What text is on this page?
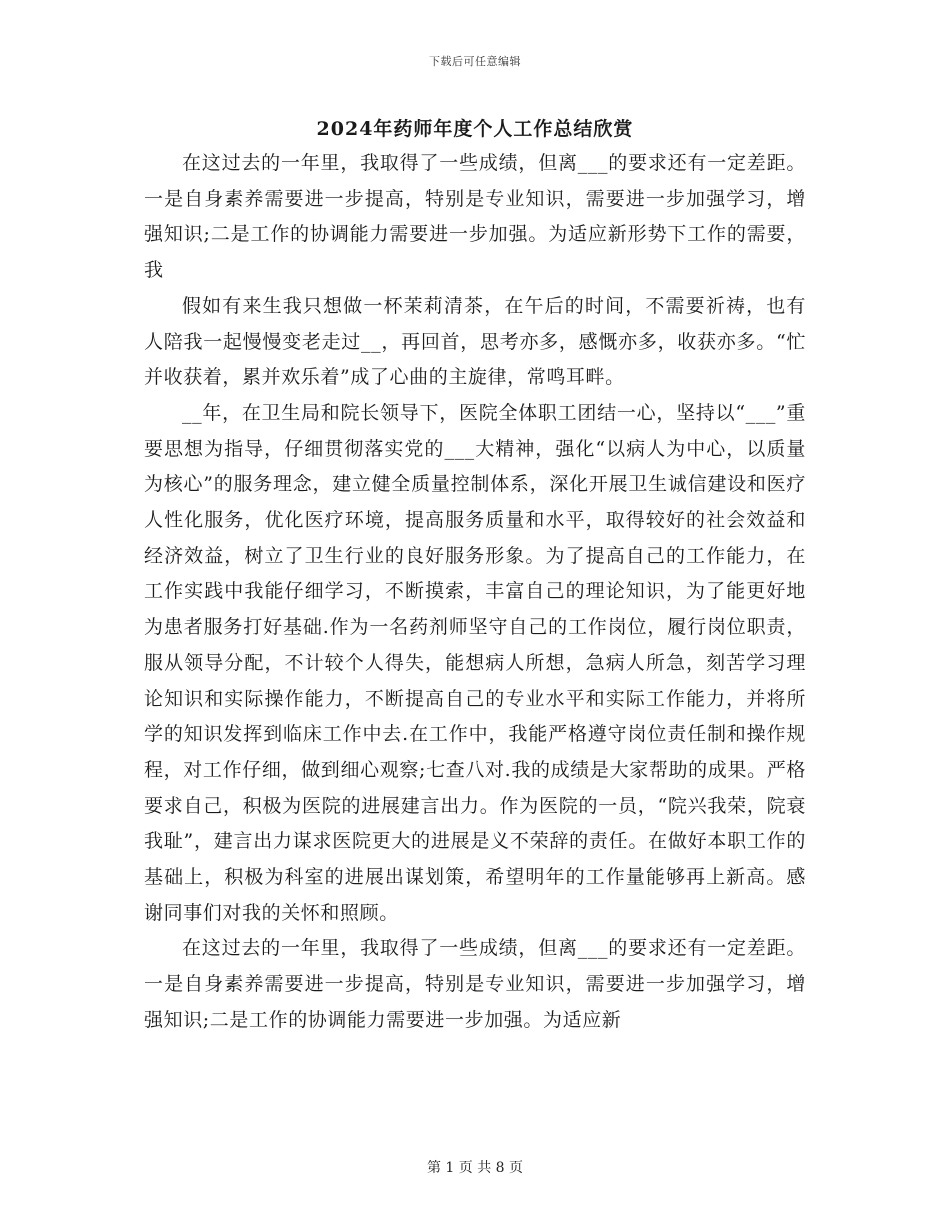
下载后可任意编辑
2024年药师年度个人工作总结欣赏

在这过去的一年里，我取得了一些成绩，但离___的要求还有一定差距。一是自身素养需要进一步提高，特别是专业知识，需要进一步加强学习，增强知识;二是工作的协调能力需要进一步加强。为适应新形势下工作的需要，我

假如有来生我只想做一杯茉莉清茶，在午后的时间，不需要祈祷，也有人陪我一起慢慢变老走过__，再回首，思考亦多，感慨亦多，收获亦多。“忙并收获着，累并欢乐着”成了心曲的主旋律，常鸣耳畔。

__年，在卫生局和院长领导下，医院全体职工团结一心，坚持以“___”重要思想为指导，仔细贯彻落实党的___大精神，强化“以病人为中心，以质量为核心”的服务理念，建立健全质量控制体系，深化开展卫生诚信建设和医疗人性化服务，优化医疗环境，提高服务质量和水平，取得较好的社会效益和经济效益，树立了卫生行业的良好服务形象。为了提高自己的工作能力，在工作实践中我能仔细学习，不断摸索，丰富自己的理论知识，为了能更好地为患者服务打好基础.作为一名药剂师坚守自己的工作岗位，履行岗位职责，服从领导分配，不计较个人得失，能想病人所想，急病人所急，刻苦学习理论知识和实际操作能力，不断提高自己的专业水平和实际工作能力，并将所学的知识发挥到临床工作中去.在工作中，我能严格遵守岗位责任制和操作规程，对工作仔细，做到细心观察;七查八对.我的成绩是大家帮助的成果。严格要求自己，积极为医院的进展建言出力。作为医院的一员，“院兴我荣，院衰我耻”，建言出力谋求医院更大的进展是义不荣辞的责任。在做好本职工作的基础上，积极为科室的进展出谋划策，希望明年的工作量能够再上新高。感谢同事们对我的关怀和照顾。

在这过去的一年里，我取得了一些成绩，但离___的要求还有一定差距。一是自身素养需要进一步提高，特别是专业知识，需要进一步加强学习，增强知识;二是工作的协调能力需要进一步加强。为适应新

第 1 页 共 8 页
